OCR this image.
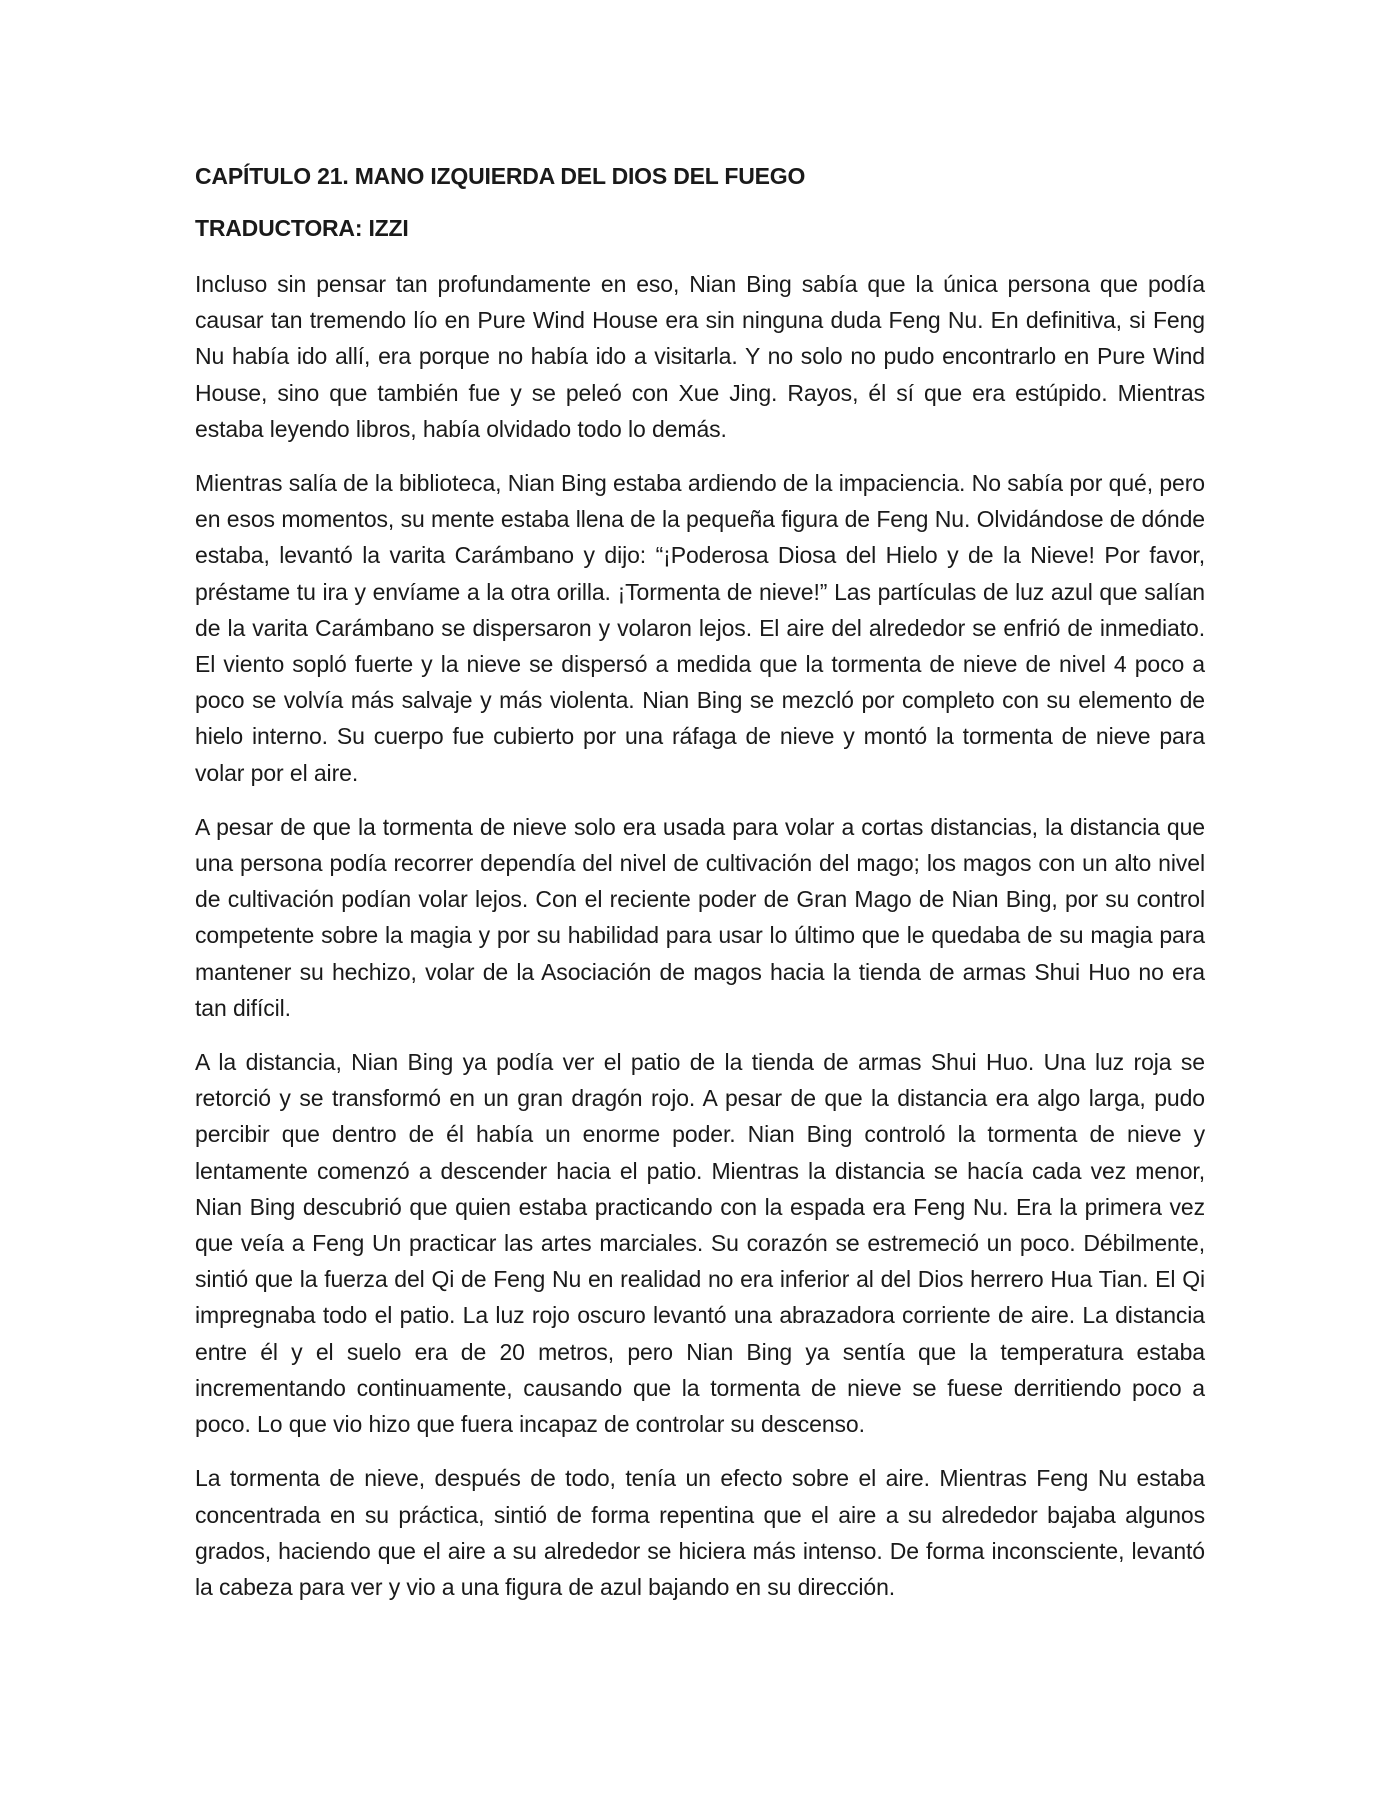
CAPÍTULO 21. MANO IZQUIERDA DEL DIOS DEL FUEGO
TRADUCTORA: IZZI

Incluso sin pensar tan profundamente en eso, Nian Bing sabía que la única persona que podía causar tan tremendo lío en Pure Wind House era sin ninguna duda Feng Nu. En definitiva, si Feng Nu había ido allí, era porque no había ido a visitarla. Y no solo no pudo encontrarlo en Pure Wind House, sino que también fue y se peleó con Xue Jing. Rayos, él sí que era estúpido. Mientras estaba leyendo libros, había olvidado todo lo demás.

Mientras salía de la biblioteca, Nian Bing estaba ardiendo de la impaciencia. No sabía por qué, pero en esos momentos, su mente estaba llena de la pequeña figura de Feng Nu. Olvidándose de dónde estaba, levantó la varita Carámbano y dijo: “¡Poderosa Diosa del Hielo y de la Nieve! Por favor, préstame tu ira y envíame a la otra orilla. ¡Tormenta de nieve!” Las partículas de luz azul que salían de la varita Carámbano se dispersaron y volaron lejos. El aire del alrededor se enfrió de inmediato. El viento sopló fuerte y la nieve se dispersó a medida que la tormenta de nieve de nivel 4 poco a poco se volvía más salvaje y más violenta. Nian Bing se mezcló por completo con su elemento de hielo interno. Su cuerpo fue cubierto por una ráfaga de nieve y montó la tormenta de nieve para volar por el aire.

A pesar de que la tormenta de nieve solo era usada para volar a cortas distancias, la distancia que una persona podía recorrer dependía del nivel de cultivación del mago; los magos con un alto nivel de cultivación podían volar lejos. Con el reciente poder de Gran Mago de Nian Bing, por su control competente sobre la magia y por su habilidad para usar lo último que le quedaba de su magia para mantener su hechizo, volar de la Asociación de magos hacia la tienda de armas Shui Huo no era tan difícil.

A la distancia, Nian Bing ya podía ver el patio de la tienda de armas Shui Huo. Una luz roja se retorció y se transformó en un gran dragón rojo. A pesar de que la distancia era algo larga, pudo percibir que dentro de él había un enorme poder. Nian Bing controló la tormenta de nieve y lentamente comenzó a descender hacia el patio. Mientras la distancia se hacía cada vez menor, Nian Bing descubrió que quien estaba practicando con la espada era Feng Nu. Era la primera vez que veía a Feng Un practicar las artes marciales. Su corazón se estremeció un poco. Débilmente, sintió que la fuerza del Qi de Feng Nu en realidad no era inferior al del Dios herrero Hua Tian. El Qi impregnaba todo el patio. La luz rojo oscuro levantó una abrazadora corriente de aire. La distancia entre él y el suelo era de 20 metros, pero Nian Bing ya sentía que la temperatura estaba incrementando continuamente, causando que la tormenta de nieve se fuese derritiendo poco a poco. Lo que vio hizo que fuera incapaz de controlar su descenso.

La tormenta de nieve, después de todo, tenía un efecto sobre el aire. Mientras Feng Nu estaba concentrada en su práctica, sintió de forma repentina que el aire a su alrededor bajaba algunos grados, haciendo que el aire a su alrededor se hiciera más intenso. De forma inconsciente, levantó la cabeza para ver y vio a una figura de azul bajando en su dirección.
